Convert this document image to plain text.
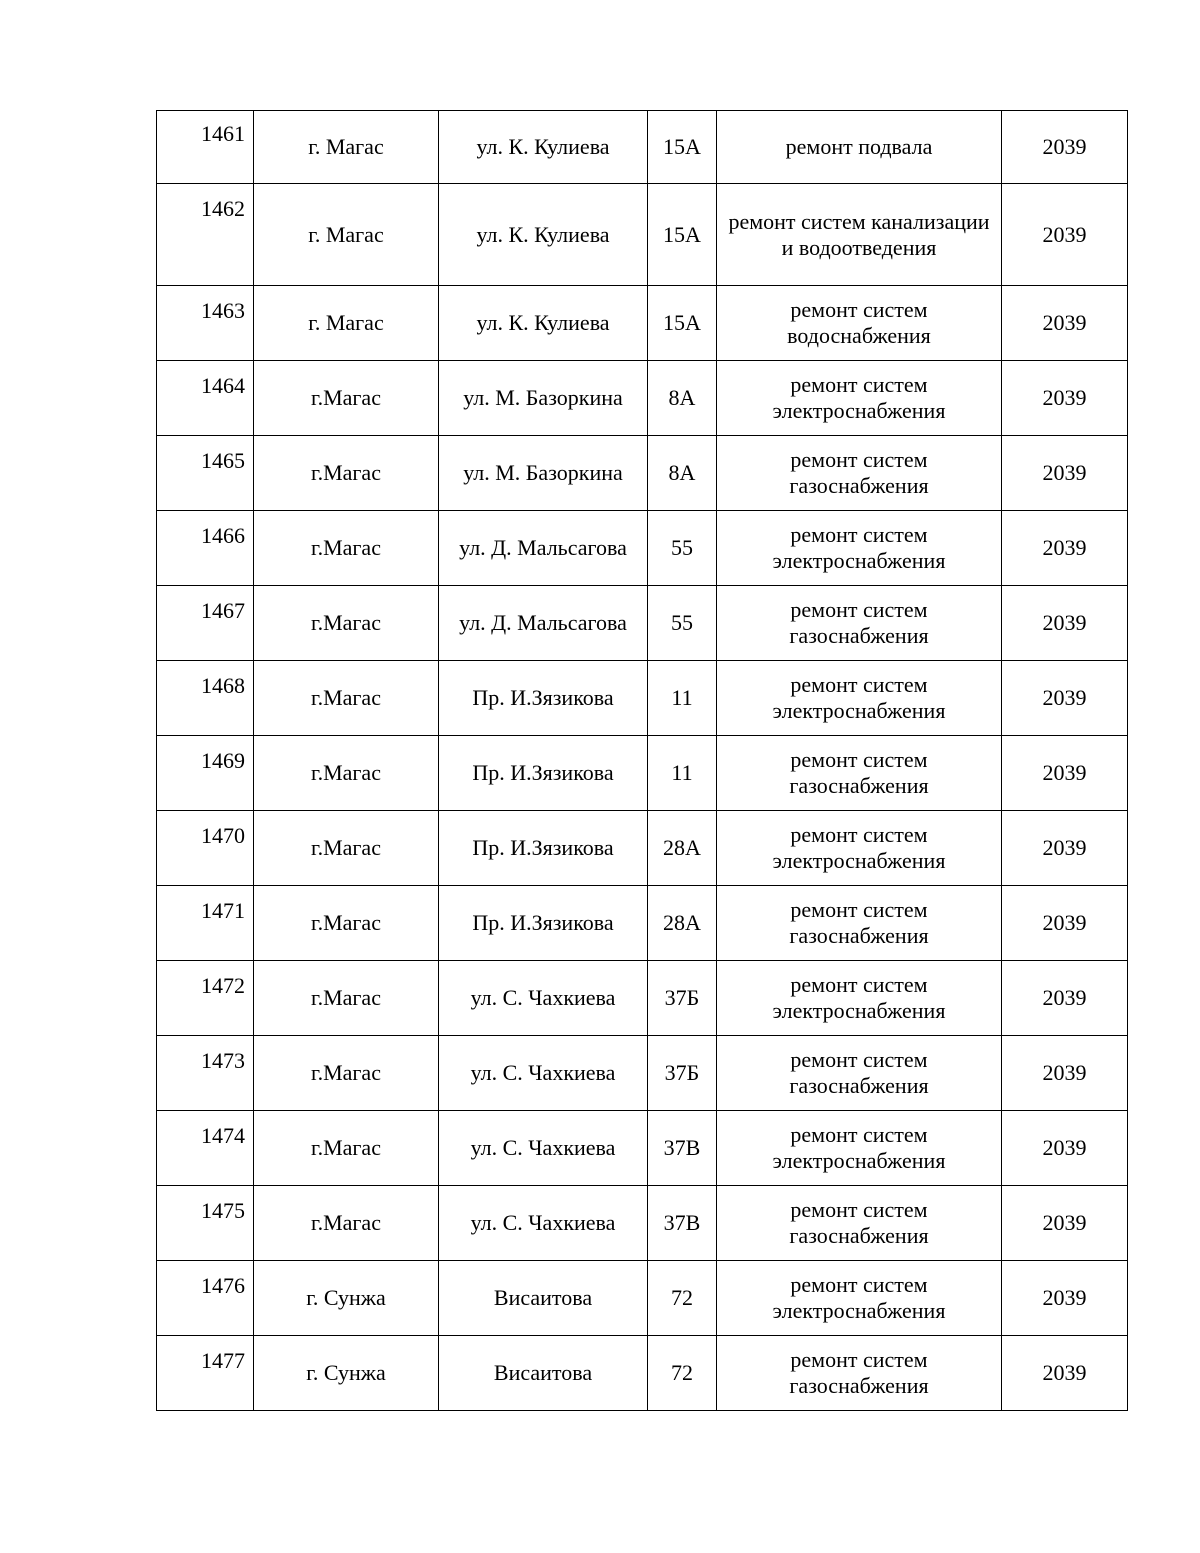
1461	г. Магас	ул. К. Кулиева	15А	ремонт подвала	2039
1462	г. Магас	ул. К. Кулиева	15А	ремонт систем канализации и водоотведения	2039
1463	г. Магас	ул. К. Кулиева	15А	ремонт систем водоснабжения	2039
1464	г.Магас	ул. М. Базоркина	8А	ремонт систем электроснабжения	2039
1465	г.Магас	ул. М. Базоркина	8А	ремонт систем газоснабжения	2039
1466	г.Магас	ул. Д. Мальсагова	55	ремонт систем электроснабжения	2039
1467	г.Магас	ул. Д. Мальсагова	55	ремонт систем газоснабжения	2039
1468	г.Магас	Пр. И.Зязикова	11	ремонт систем электроснабжения	2039
1469	г.Магас	Пр. И.Зязикова	11	ремонт систем газоснабжения	2039
1470	г.Магас	Пр. И.Зязикова	28А	ремонт систем электроснабжения	2039
1471	г.Магас	Пр. И.Зязикова	28А	ремонт систем газоснабжения	2039
1472	г.Магас	ул. С. Чахкиева	37Б	ремонт систем электроснабжения	2039
1473	г.Магас	ул. С. Чахкиева	37Б	ремонт систем газоснабжения	2039
1474	г.Магас	ул. С. Чахкиева	37В	ремонт систем электроснабжения	2039
1475	г.Магас	ул. С. Чахкиева	37В	ремонт систем газоснабжения	2039
1476	г. Сунжа	Висаитова	72	ремонт систем электроснабжения	2039
1477	г. Сунжа	Висаитова	72	ремонт систем газоснабжения	2039
